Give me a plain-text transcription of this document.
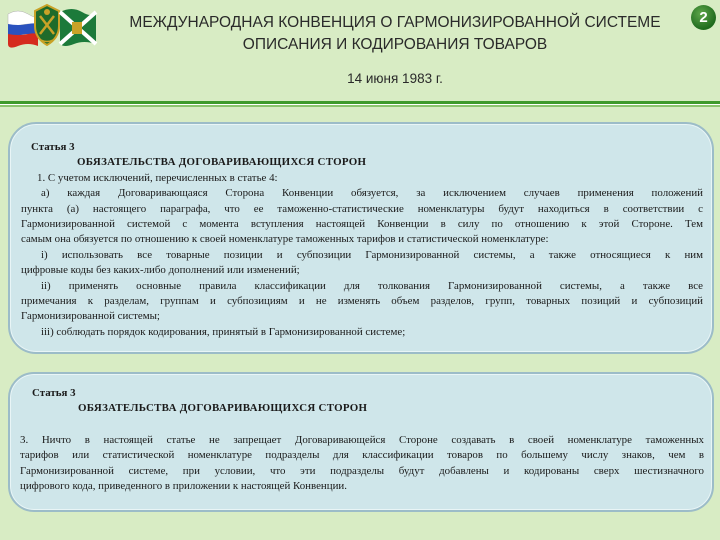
МЕЖДУНАРОДНАЯ КОНВЕНЦИЯ О ГАРМОНИЗИРОВАННОЙ СИСТЕМЕ
ОПИСАНИЯ И КОДИРОВАНИЯ ТОВАРОВ
14 июня 1983 г.
2
Статья 3
ОБЯЗАТЕЛЬСТВА ДОГОВАРИВАЮЩИХСЯ СТОРОН
1. С учетом исключений, перечисленных в статье 4:
а) каждая Договаривающаяся Сторона Конвенции обязуется, за исключением случаев применения положений
пункта (а) настоящего параграфа, что ее таможенно-статистические номенклатуры будут находиться в соответствии с
Гармонизированной системой с момента вступления настоящей Конвенции в силу по отношению к этой Стороне. Тем
самым она обязуется по отношению к своей номенклатуре таможенных тарифов и статистической номенклатуре:
i) использовать все товарные позиции и субпозиции Гармонизированной системы, а также относящиеся к ним
цифровые коды без каких-либо дополнений или изменений;
ii) применять основные правила классификации для толкования Гармонизированной системы, а также все
примечания к разделам, группам и субпозициям и не изменять объем разделов, групп, товарных позиций и субпозиций
Гармонизированной системы;
iii) соблюдать порядок кодирования, принятый в Гармонизированной системе;
Статья 3
ОБЯЗАТЕЛЬСТВА ДОГОВАРИВАЮЩИХСЯ СТОРОН
3. Ничто в настоящей статье не запрещает Договаривающейся Стороне создавать в своей номенклатуре таможенных
тарифов или статистической номенклатуре подразделы для классификации товаров по большему числу знаков, чем в
Гармонизированной системе, при условии, что эти подразделы будут добавлены и кодированы сверх шестизначного
цифрового кода, приведенного в приложении к настоящей Конвенции.
